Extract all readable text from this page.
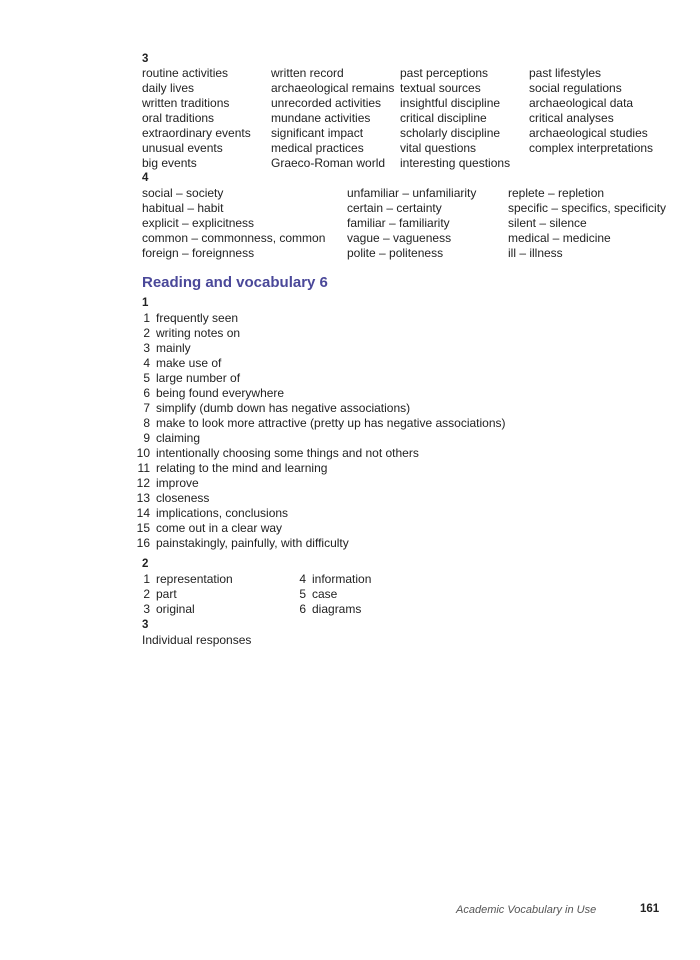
3
routine activities
daily lives
written traditions
oral traditions
extraordinary events
unusual events
big events
written record
archaeological remains
unrecorded activities
mundane activities
significant impact
medical practices
Graeco-Roman world
past perceptions
textual sources
insightful discipline
critical discipline
scholarly discipline
vital questions
interesting questions
past lifestyles
social regulations
archaeological data
critical analyses
archaeological studies
complex interpretations
4
social – society
habitual – habit
explicit – explicitness
common – commonness, common
foreign – foreignness
unfamiliar – unfamiliarity
certain – certainty
familiar – familiarity
vague – vagueness
polite – politeness
replete – repletion
specific – specifics, specificity
silent – silence
medical – medicine
ill – illness
Reading and vocabulary 6
1
1 frequently seen
2 writing notes on
3 mainly
4 make use of
5 large number of
6 being found everywhere
7 simplify (dumb down has negative associations)
8 make to look more attractive (pretty up has negative associations)
9 claiming
10 intentionally choosing some things and not others
11 relating to the mind and learning
12 improve
13 closeness
14 implications, conclusions
15 come out in a clear way
16 painstakingly, painfully, with difficulty
2
1 representation
2 part
3 original
4 information
5 case
6 diagrams
3
Individual responses
Academic Vocabulary in Use	161
